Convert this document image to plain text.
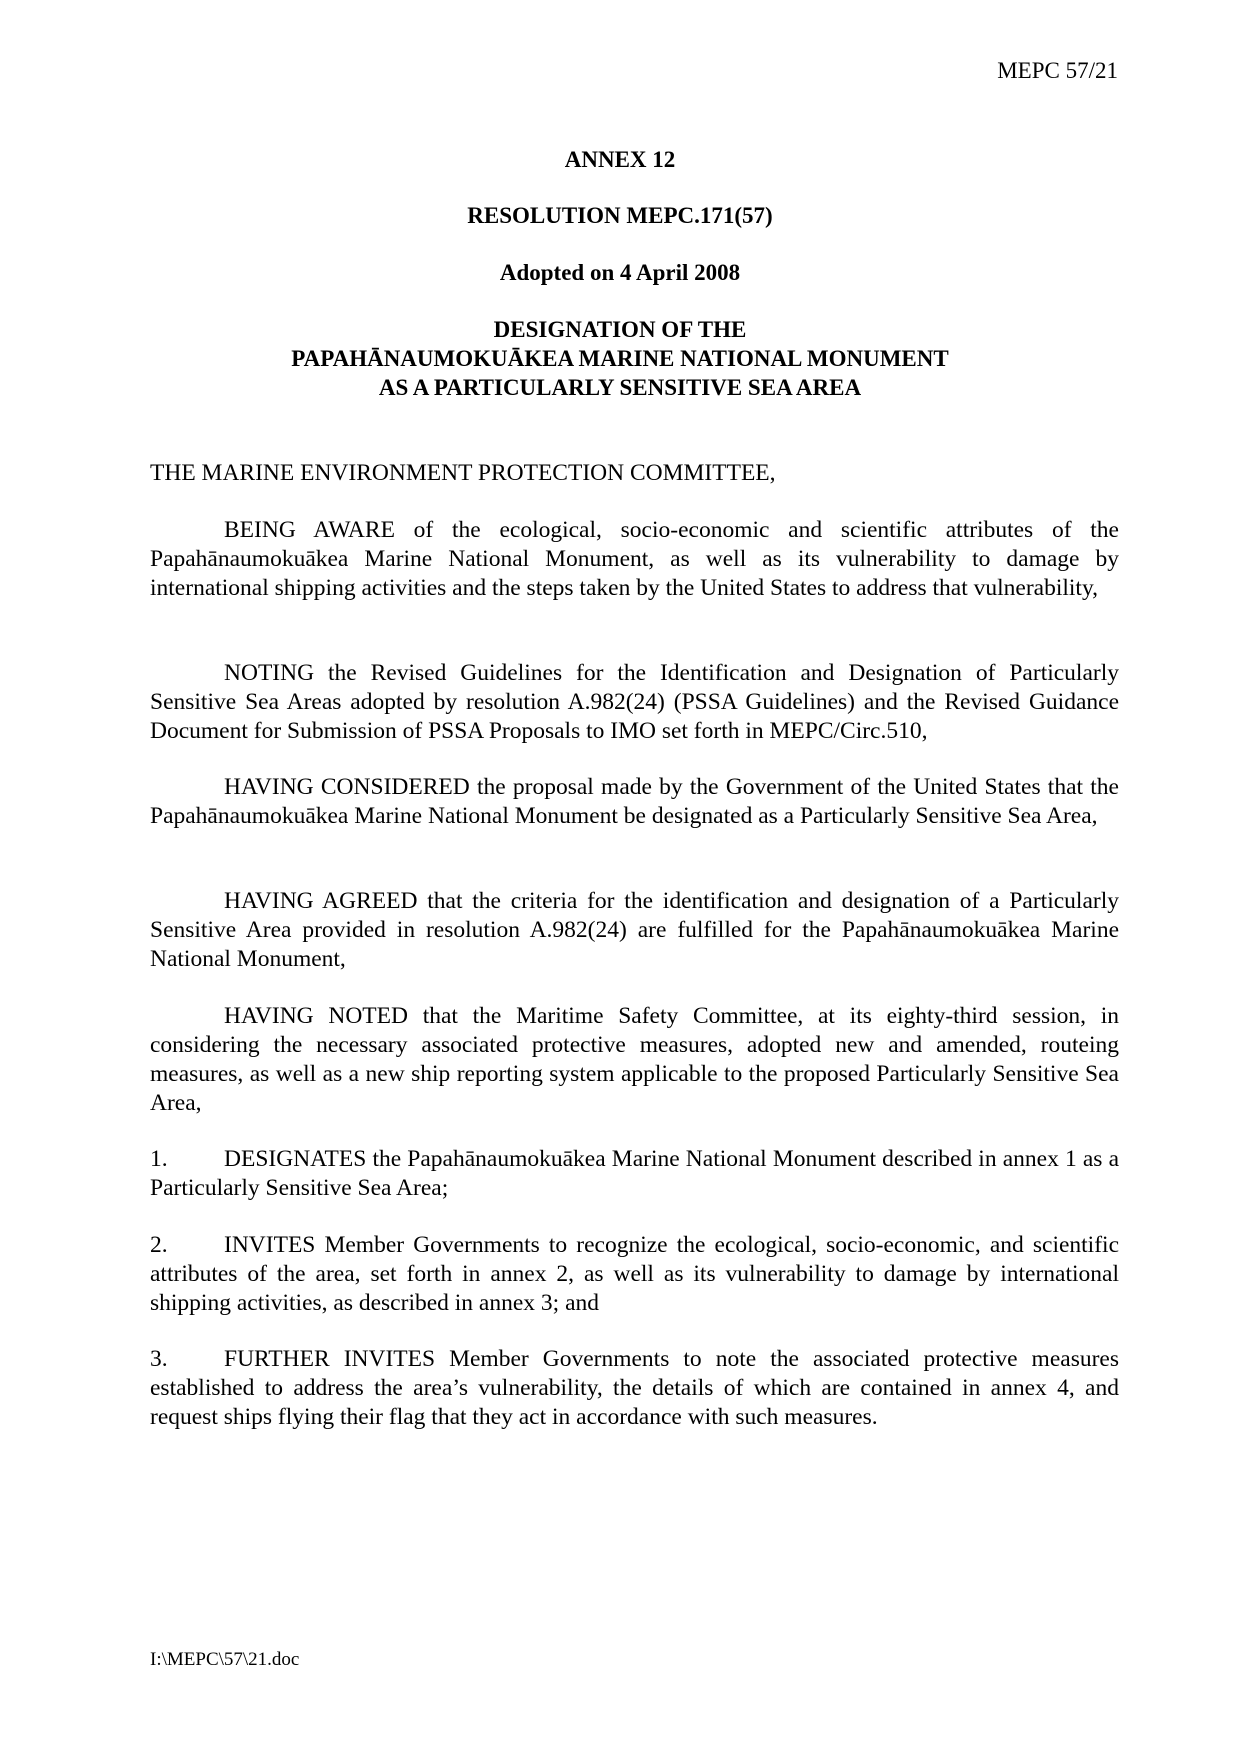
MEPC 57/21
ANNEX 12
RESOLUTION MEPC.171(57)
Adopted on 4 April 2008
DESIGNATION OF THE
PAPAHĀNAUMOKUĀKEA MARINE NATIONAL MONUMENT
AS A PARTICULARLY SENSITIVE SEA AREA
THE MARINE ENVIRONMENT PROTECTION COMMITTEE,
BEING AWARE of the ecological, socio-economic and scientific attributes of the Papahānaumokuākea Marine National Monument, as well as its vulnerability to damage by international shipping activities and the steps taken by the United States to address that vulnerability,
NOTING the Revised Guidelines for the Identification and Designation of Particularly Sensitive Sea Areas adopted by resolution A.982(24) (PSSA Guidelines) and the Revised Guidance Document for Submission of PSSA Proposals to IMO set forth in MEPC/Circ.510,
HAVING CONSIDERED the proposal made by the Government of the United States that the Papahānaumokuākea Marine National Monument be designated as a Particularly Sensitive Sea Area,
HAVING AGREED that the criteria for the identification and designation of a Particularly Sensitive Area provided in resolution A.982(24) are fulfilled for the Papahānaumokuākea Marine National Monument,
HAVING NOTED that the Maritime Safety Committee, at its eighty-third session, in considering the necessary associated protective measures, adopted new and amended, routeing measures, as well as a new ship reporting system applicable to the proposed Particularly Sensitive Sea Area,
1. DESIGNATES the Papahānaumokuākea Marine National Monument described in annex 1 as a Particularly Sensitive Sea Area;
2. INVITES Member Governments to recognize the ecological, socio-economic, and scientific attributes of the area, set forth in annex 2, as well as its vulnerability to damage by international shipping activities, as described in annex 3; and
3. FURTHER INVITES Member Governments to note the associated protective measures established to address the area’s vulnerability, the details of which are contained in annex 4, and request ships flying their flag that they act in accordance with such measures.
I:\MEPC\57\21.doc
